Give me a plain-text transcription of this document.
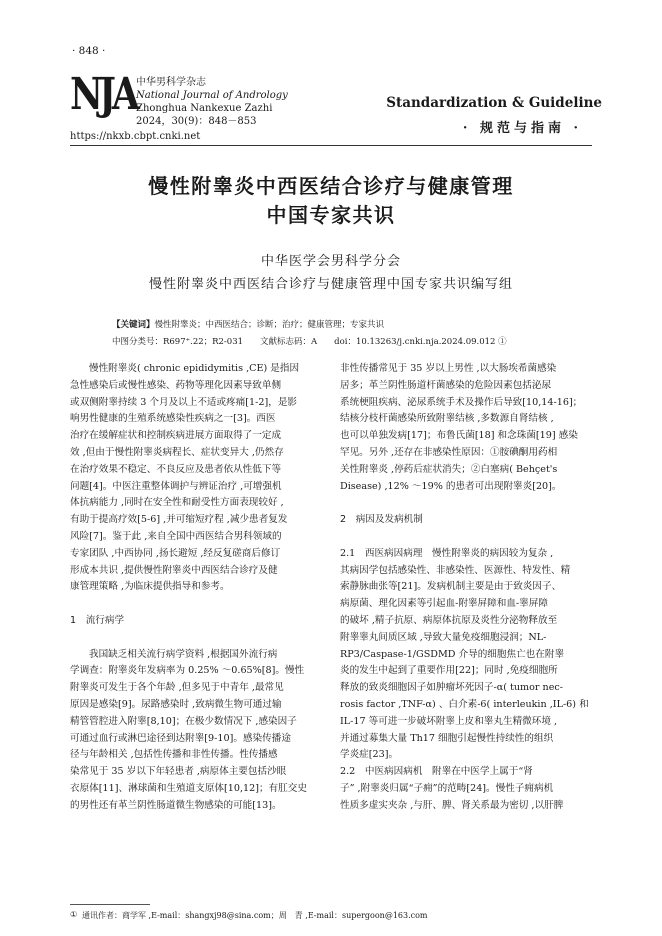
· 848 ·
NJA 中华男科学杂志
National Journal of Andrology
Zhonghua Nankexue Zazhi
2024，30(9)：848－853
https://nkxb.cbpt.cnki.net
Standardization & Guideline
· 规范与指南 ·
慢性附睾炎中西医结合诊疗与健康管理
中国专家共识
中华医学会男科学分会
慢性附睾炎中西医结合诊疗与健康管理中国专家共识编写组
【关键词】慢性附睾炎；中西医结合；诊断；治疗；健康管理；专家共识
中图分类号：R697⁺.22；R2-031　　文献标志码：A　　doi：10.13263/j.cnki.nja.2024.09.012 ①
慢性附睾炎( chronic epididymitis ,CE) 是指因
急性感染后或慢性感染、药物等理化因素导致单侧
或双侧附睾持续 3 个月及以上不适或疼痛[1-2]，是影
响男性健康的生殖系统感染性疾病之一[3]。西医
治疗在缓解症状和控制疾病进展方面取得了一定成
效 ,但由于慢性附睾炎病程长、症状变异大 ,仍然存
在治疗效果不稳定、不良反应及患者依从性低下等
问题[4]。中医注重整体调护与辨证治疗 ,可增强机
体抗病能力 ,同时在安全性和耐受性方面表现较好 ,
有助于提高疗效[5-6] ,并可缩短疗程 ,减少患者复发
风险[7]。鉴于此 ,来自全国中西医结合男科领域的
专家团队 ,中西协同 ,扬长避短 ,经反复磋商后修订
形成本共识 ,提供慢性附睾炎中西医结合诊疗及健
康管理策略 ,为临床提供指导和参考。
1　流行病学
我国缺乏相关流行病学资料 ,根据国外流行病
学调查：附睾炎年发病率为 0.25% ～0.65%[8]。慢性
附睾炎可发生于各个年龄 ,但多见于中青年 ,最常见
原因是感染[9]。尿路感染时 ,致病微生物可通过输
精管管腔进入附睾[8,10]；在极少数情况下 ,感染因子
可通过血行或淋巴途径到达附睾[9-10]。感染传播途
径与年龄相关 ,包括性传播和非性传播。性传播感
染常见于 35 岁以下年轻患者 ,病原体主要包括沙眼
衣原体[11]、淋球菌和生殖道支原体[10,12]；有肛交史
的男性还有革兰阴性肠道微生物感染的可能[13]。
非性传播常见于 35 岁以上男性 ,以大肠埃希菌感染
居多；革兰阴性肠道杆菌感染的危险因素包括泌尿
系统梗阻疾病、泌尿系统手术及操作后导致[10,14-16]；
结核分枝杆菌感染所致附睾结核 ,多数源自肾结核 ,
也可以单独发病[17]；布鲁氏菌[18] 和念珠菌[19] 感染
罕见。另外 ,还存在非感染性原因：①胺碘酮用药相
关性附睾炎 ,停药后症状消失；②白塞病( Behçet's
Disease) ,12% ～19% 的患者可出现附睾炎[20]。
2　病因及发病机制
2.1　西医病因病理　慢性附睾炎的病因较为复杂 ,
其病因学包括感染性、非感染性、医源性、特发性、精
索静脉曲张等[21]。发病机制主要是由于致炎因子、
病原菌、理化因素等引起血-附睾屏障和血-睾屏障
的破坏 ,精子抗原、病原体抗原及炎性分泌物释放至
附睾睾丸间质区域 ,导致大量免疫细胞浸润；NL-
RP3/Caspase-1/GSDMD 介导的细胞焦亡也在附睾
炎的发生中起到了重要作用[22]；同时 ,免疫细胞所
释放的致炎细胞因子如肿瘤坏死因子-α( tumor nec-
rosis factor ,TNF-α) 、白介素-6( interleukin ,IL-6) 和
IL-17 等可进一步破坏附睾上皮和睾丸生精微环境 ,
并通过募集大量 Th17 细胞引起慢性持续性的组织
学炎症[23]。
2.2　中医病因病机　附睾在中医学上属于“肾
子” ,附睾炎归属“子痈”的范畴[24]。慢性子痈病机
性质多虚实夹杂 ,与肝、脾、肾关系最为密切 ,以肝脾
① 通讯作者：商学军 ,E-mail：shangxj98@sina.com；周　青 ,E-mail：supergoon@163.com
